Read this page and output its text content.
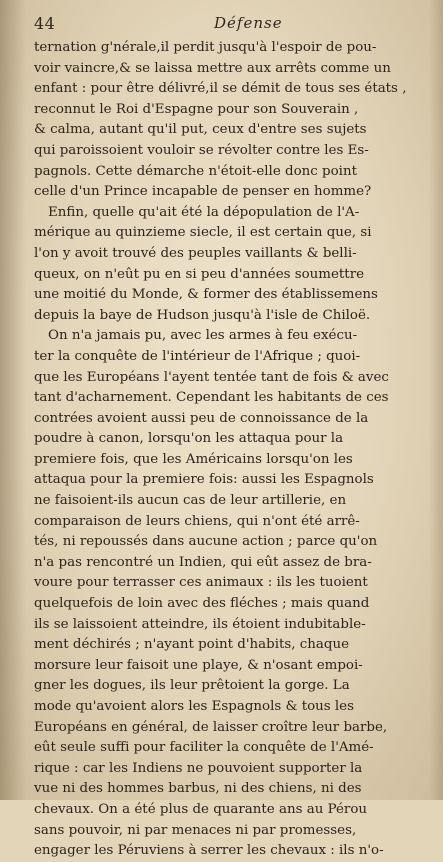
44	Défense
ternation g'nérale,il perdit jusqu'à l'espoir de pou-
voir vaincre,& se laissa mettre aux arrêts comme un
enfant : pour être délivré,il se démit de tous ses états ,
reconnut le Roi d'Espagne pour son Souverain ,
& calma, autant qu'il put, ceux d'entre ses sujets
qui paroissoient vouloir se révolter contre les Es-
pagnols. Cette démarche n'étoit-elle donc point
celle d'un Prince incapable de penser en homme?
Enfin, quelle qu'ait été la dépopulation de l'A-
mérique au quinzieme siecle, il est certain que, si
l'on y avoit trouvé des peuples vaillants & belli-
queux, on n'eût pu en si peu d'années soumettre
une moitié du Monde, & former des établissemens
depuis la baye de Hudson jusqu'à l'isle de Chiloë.
On n'a jamais pu, avec les armes à feu exécu-
ter la conquête de l'intérieur de l'Afrique ; quoi-
que les Européans l'ayent tentée tant de fois & avec
tant d'acharnement. Cependant les habitants de ces
contrées avoient aussi peu de connoissance de la
poudre à canon, lorsqu'on les attaqua pour la
premiere fois, que les Américains lorsqu'on les
attaqua pour la premiere fois: aussi les Espagnols
ne faisoient-ils aucun cas de leur artillerie, en
comparaison de leurs chiens, qui n'ont été arrê-
tés, ni repoussés dans aucune action ; parce qu'on
n'a pas rencontré un Indien, qui eût assez de bra-
voure pour terrasser ces animaux : ils les tuoient
quelquefois de loin avec des fléches ; mais quand
ils se laissoient atteindre, ils étoient indubitable-
ment déchirés ; n'ayant point d'habits, chaque
morsure leur faisoit une playe, & n'osant empoi-
gner les dogues, ils leur prêtoient la gorge. La
mode qu'avoient alors les Espagnols & tous les
Européans en général, de laisser croître leur barbe,
eût seule suffi pour faciliter la conquête de l'Amé-
rique : car les Indiens ne pouvoient supporter la
vue ni des hommes barbus, ni des chiens, ni des
chevaux. On a été plus de quarante ans au Pérou
sans pouvoir, ni par menaces ni par promesses,
engager les Péruviens à serrer les chevaux : ils n'o-
